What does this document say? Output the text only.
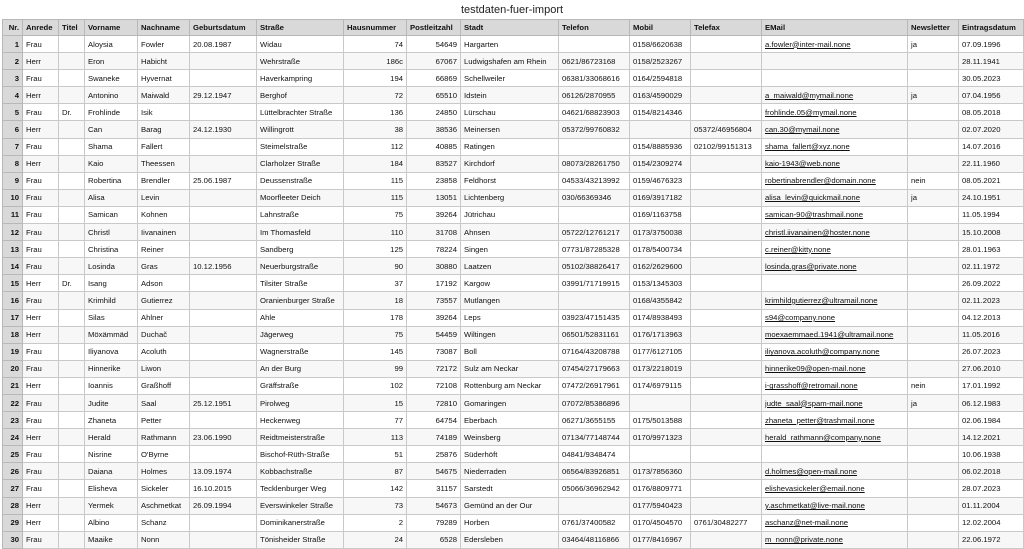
testdaten-fuer-import
Nr.	Anrede	Titel	Vorname	Nachname	Geburtsdatum	Straße	Hausnummer	Postleitzahl	Stadt	Telefon	Mobil	Telefax	EMail	Newsletter	Eintragsdatum
1	Frau		Aloysia	Fowler	20.08.1987	Widau	74	54649	Hargarten		0158/6620638		a.fowler@inter-mail.none	ja	07.09.1996
2	Herr		Eron	Habicht		Wehrstraße	186c	67067	Ludwigshafen am Rhein	0621/86723168	0158/2523267				28.11.1941
3	Frau		Swaneke	Hyvernat		Haverkampring	194	66869	Schellweiler	06381/33068616	0164/2594818				30.05.2023
4	Herr		Antonino	Maiwald	29.12.1947	Berghof	72	65510	Idstein	06126/2870955	0163/4590029		a_maiwald@mymail.none	ja	07.04.1956
5	Frau	Dr.	Frohlinde	Isik		Lüttelbrachter Straße	136	24850	Lürschau	04621/68823903	0154/8214346		frohlinde.05@mymail.none		08.05.2018
6	Herr		Can	Barag	24.12.1930	Willingrott	38	38536	Meinersen	05372/99760832		05372/46956804	can.30@mymail.none		02.07.2020
7	Frau		Shama	Fallert		Steimelstraße	112	40885	Ratingen		0154/8885936	02102/99151313	shama_fallert@xyz.none		14.07.2016
8	Herr		Kaio	Theessen		Clarholzer Straße	184	83527	Kirchdorf	08073/28261750	0154/2309274		kaio-1943@web.none		22.11.1960
9	Frau		Robertina	Brendler	25.06.1987	Deussenstraße	115	23858	Feldhorst	04533/43213992	0159/4676323		robertinabrendler@domain.none	nein	08.05.2021
10	Frau		Alisa	Levin		Moorfleeter Deich	115	13051	Lichtenberg	030/66369346	0169/3917182		alisa_levin@quickmail.none	ja	24.10.1951
11	Frau		Samican	Kohnen		Lahnstraße	75	39264	Jütrichau		0169/1163758		samican-90@trashmail.none		11.05.1994
12	Frau		Christl	Iivanainen		Im Thomasfeld	110	31708	Ahnsen	05722/12761217	0173/3750038		christl.iivanainen@hoster.none		15.10.2008
13	Frau		Christina	Reiner		Sandberg	125	78224	Singen	07731/87285328	0178/5400734		c.reiner@kitty.none		28.01.1963
14	Frau		Losinda	Gras	10.12.1956	Neuerburgstraße	90	30880	Laatzen	05102/38826417	0162/2629600		losinda.gras@private.none		02.11.1972
15	Herr	Dr.	Isang	Adson		Tilsiter Straße	37	17192	Kargow	03991/71719915	0153/1345303				26.09.2022
16	Frau		Krimhild	Gutierrez		Oranienburger Straße	18	73557	Mutlangen		0168/4355842		krimhildgutierrez@ultramail.none		02.11.2023
17	Herr		Silas	Ahlner		Ahle	178	39264	Leps	03923/47151435	0174/8938493		s94@company.none		04.12.2013
18	Herr		Möxämmäd	Duchač		Jägerweg	75	54459	Wiltingen	06501/52831161	0176/1713963		moexaemmaed.1941@ultramail.none		11.05.2016
19	Frau		Iliyanova	Acoluth		Wagnerstraße	145	73087	Boll	07164/43208788	0177/6127105		iliyanova.acoluth@company.none		26.07.2023
20	Frau		Hinnerike	Liwon		An der Burg	99	72172	Sulz am Neckar	07454/27179663	0173/2218019		hinnerike09@open-mail.none		27.06.2010
21	Herr		Ioannis	Graßhoff		Gräffstraße	102	72108	Rottenburg am Neckar	07472/26917961	0174/6979115		i-grasshoff@retromail.none	nein	17.01.1992
22	Frau		Judite	Saal	25.12.1951	Pirolweg	15	72810	Gomaringen	07072/85386896			judte_saal@spam-mail.none	ja	06.12.1983
23	Frau		Zhaneta	Petter		Heckenweg	77	64754	Eberbach	06271/3655155	0175/5013588		zhaneta_petter@trashmail.none		02.06.1984
24	Herr		Herald	Rathmann	23.06.1990	Reidtmeisterstraße	113	74189	Weinsberg	07134/77148744	0170/9971323		herald_rathmann@company.none		14.12.2021
25	Frau		Nisrine	O'Byrne		Bischof-Rüth-Straße	51	25876	Süderhöft	04841/9348474					10.06.1938
26	Frau		Daiana	Holmes	13.09.1974	Kobbachstraße	87	54675	Niederraden	06564/83926851	0173/7856360		d.holmes@open-mail.none		06.02.2018
27	Frau		Elisheva	Sickeler	16.10.2015	Tecklenburger Weg	142	31157	Sarstedt	05066/36962942	0176/8809771		elishevasickeler@email.none		28.07.2023
28	Herr		Yermek	Aschmetkat	26.09.1994	Everswinkeler Straße	73	54673	Gemünd an der Our		0177/5940423		y.aschmetkat@live-mail.none		01.11.2004
29	Herr		Albino	Schanz		Dominikanerstraße	2	79289	Horben	0761/37400582	0170/4504570	0761/30482277	aschanz@net-mail.none		12.02.2004
30	Frau		Maaike	Nonn		Tönisheider Straße	24	6528	Edersleben	03464/48116866	0177/8416967		m_nonn@private.none		22.06.1972
